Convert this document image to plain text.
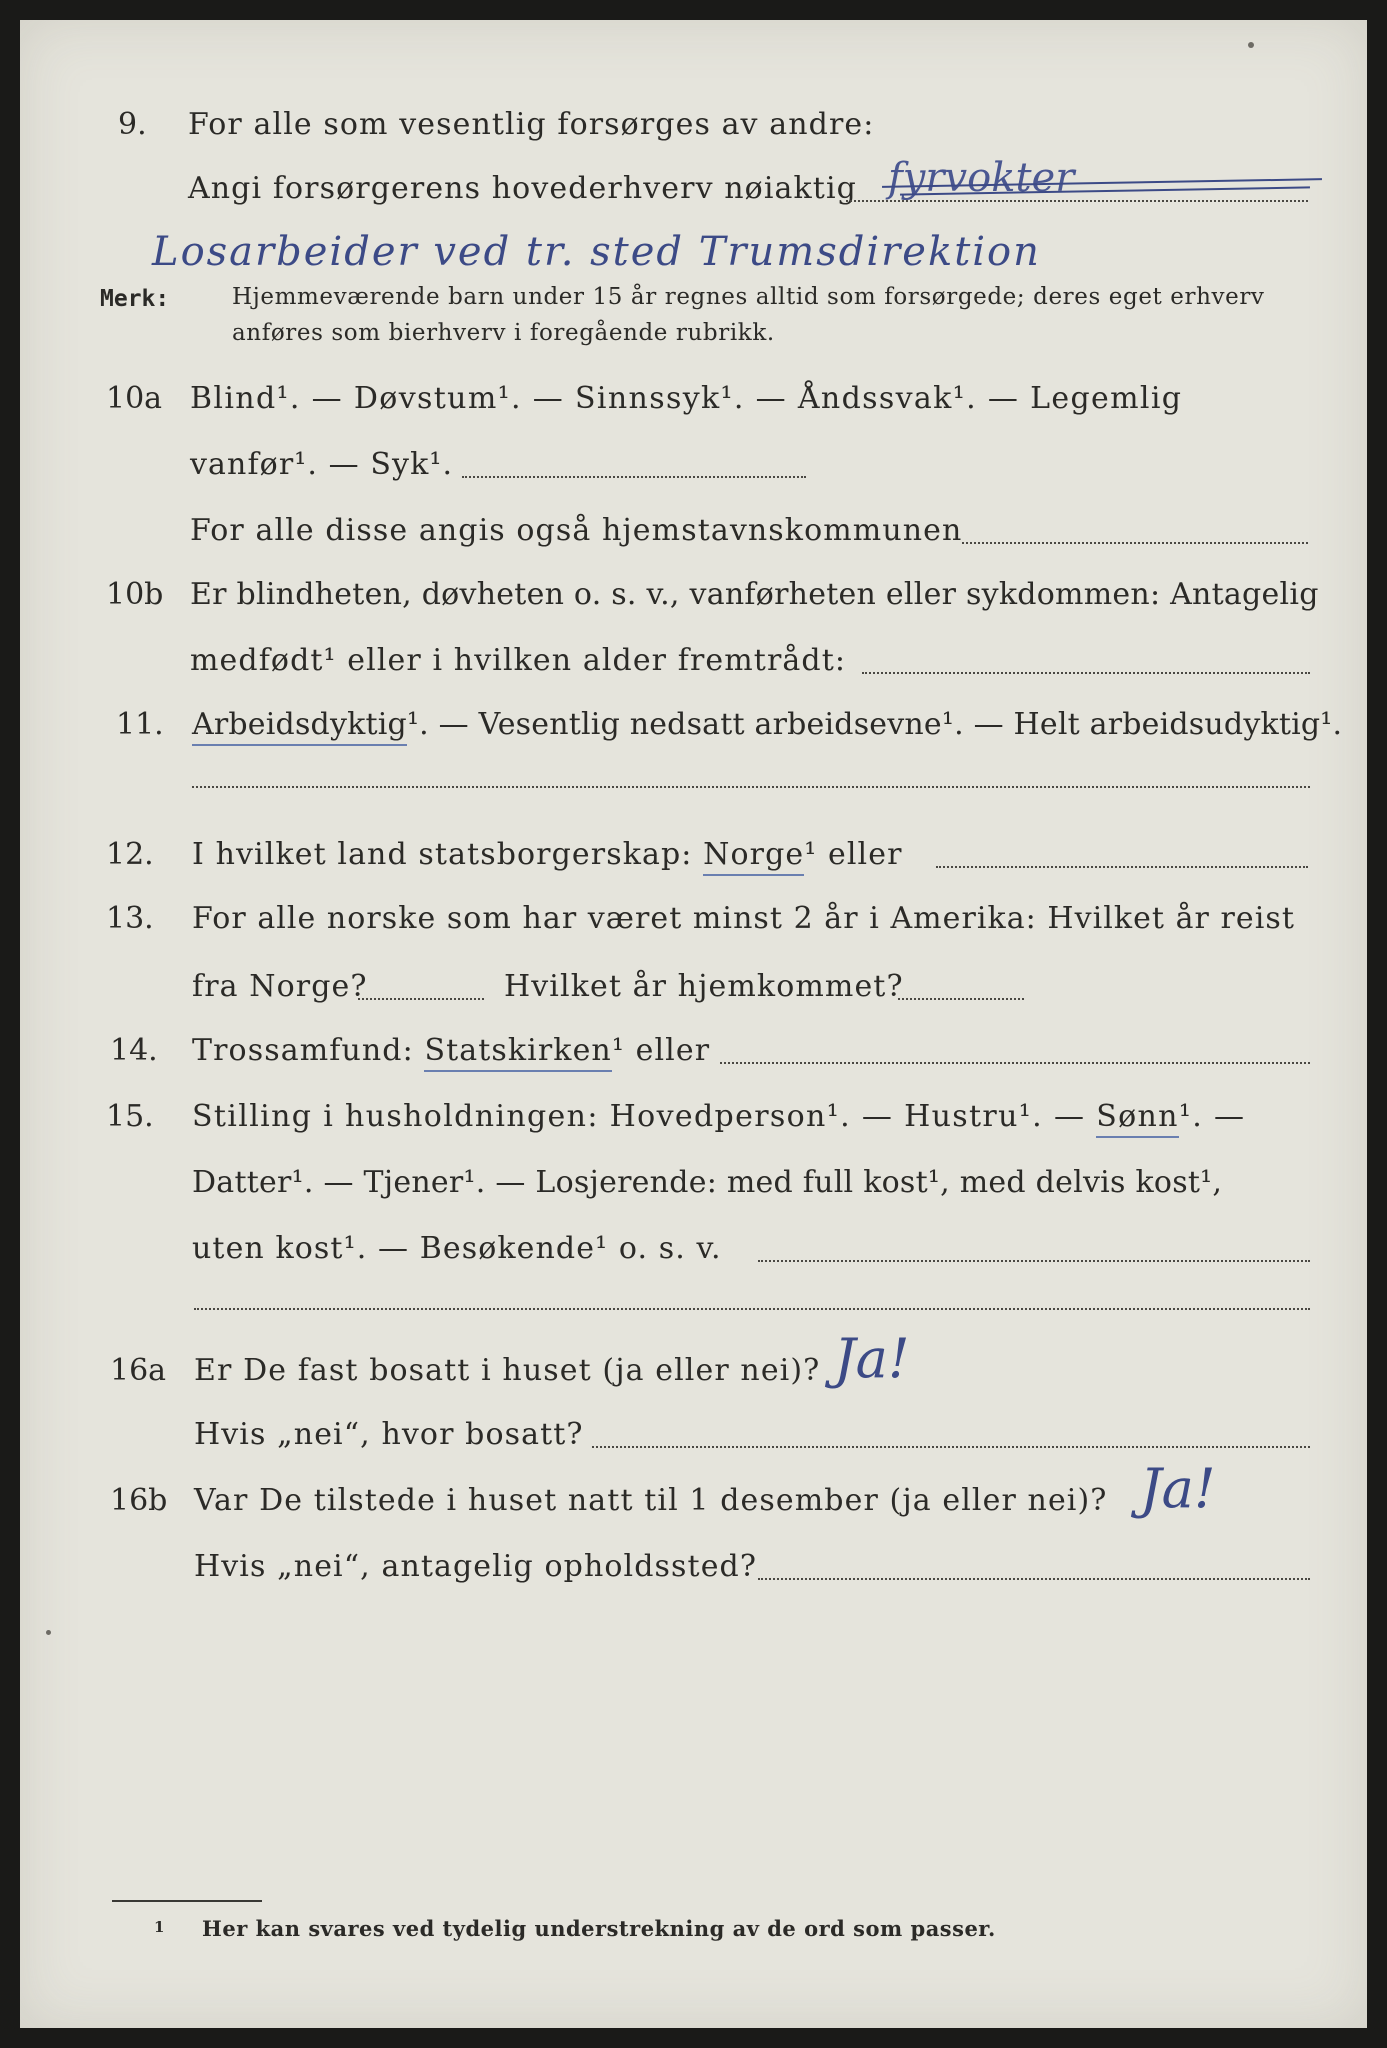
9. For alle som vesentlig forsørges av andre:
Angi forsørgerens hovederhverv nøiaktig fyrvokter
Losarbeider ved tr. sted Trumsdirektion
Merk:	Hjemmeværende barn under 15 år regnes alltid som forsørgede; deres eget erhverv
anføres som bierhverv i foregående rubrikk.
10a Blind¹. — Døvstum¹. — Sinnssyk¹. — Åndssvak¹. — Legemlig
vanfør¹. — Syk¹.
For alle disse angis også hjemstavnskommunen
10b Er blindheten, døvheten o. s. v., vanførheten eller sykdommen: Antagelig
medfødt¹ eller i hvilken alder fremtrådt:
11. Arbeidsdyktig¹. — Vesentlig nedsatt arbeidsevne¹. — Helt arbeidsudyktig¹.
12. I hvilket land statsborgerskap: Norge¹ eller
13. For alle norske som har været minst 2 år i Amerika: Hvilket år reist
fra Norge?	Hvilket år hjemkommet?
14. Trossamfund: Statskirken¹ eller
15. Stilling i husholdningen: Hovedperson¹. — Hustru¹. — Sønn¹. —
Datter¹. — Tjener¹. — Losjerende: med full kost¹, med delvis kost¹,
uten kost¹. — Besøkende¹ o. s. v.
16a Er De fast bosatt i huset (ja eller nei)? Ja!
Hvis „nei“, hvor bosatt?
16b Var De tilstede i huset natt til 1 desember (ja eller nei)? Ja!
Hvis „nei“, antagelig opholdssted?
1 Her kan svares ved tydelig understrekning av de ord som passer.
